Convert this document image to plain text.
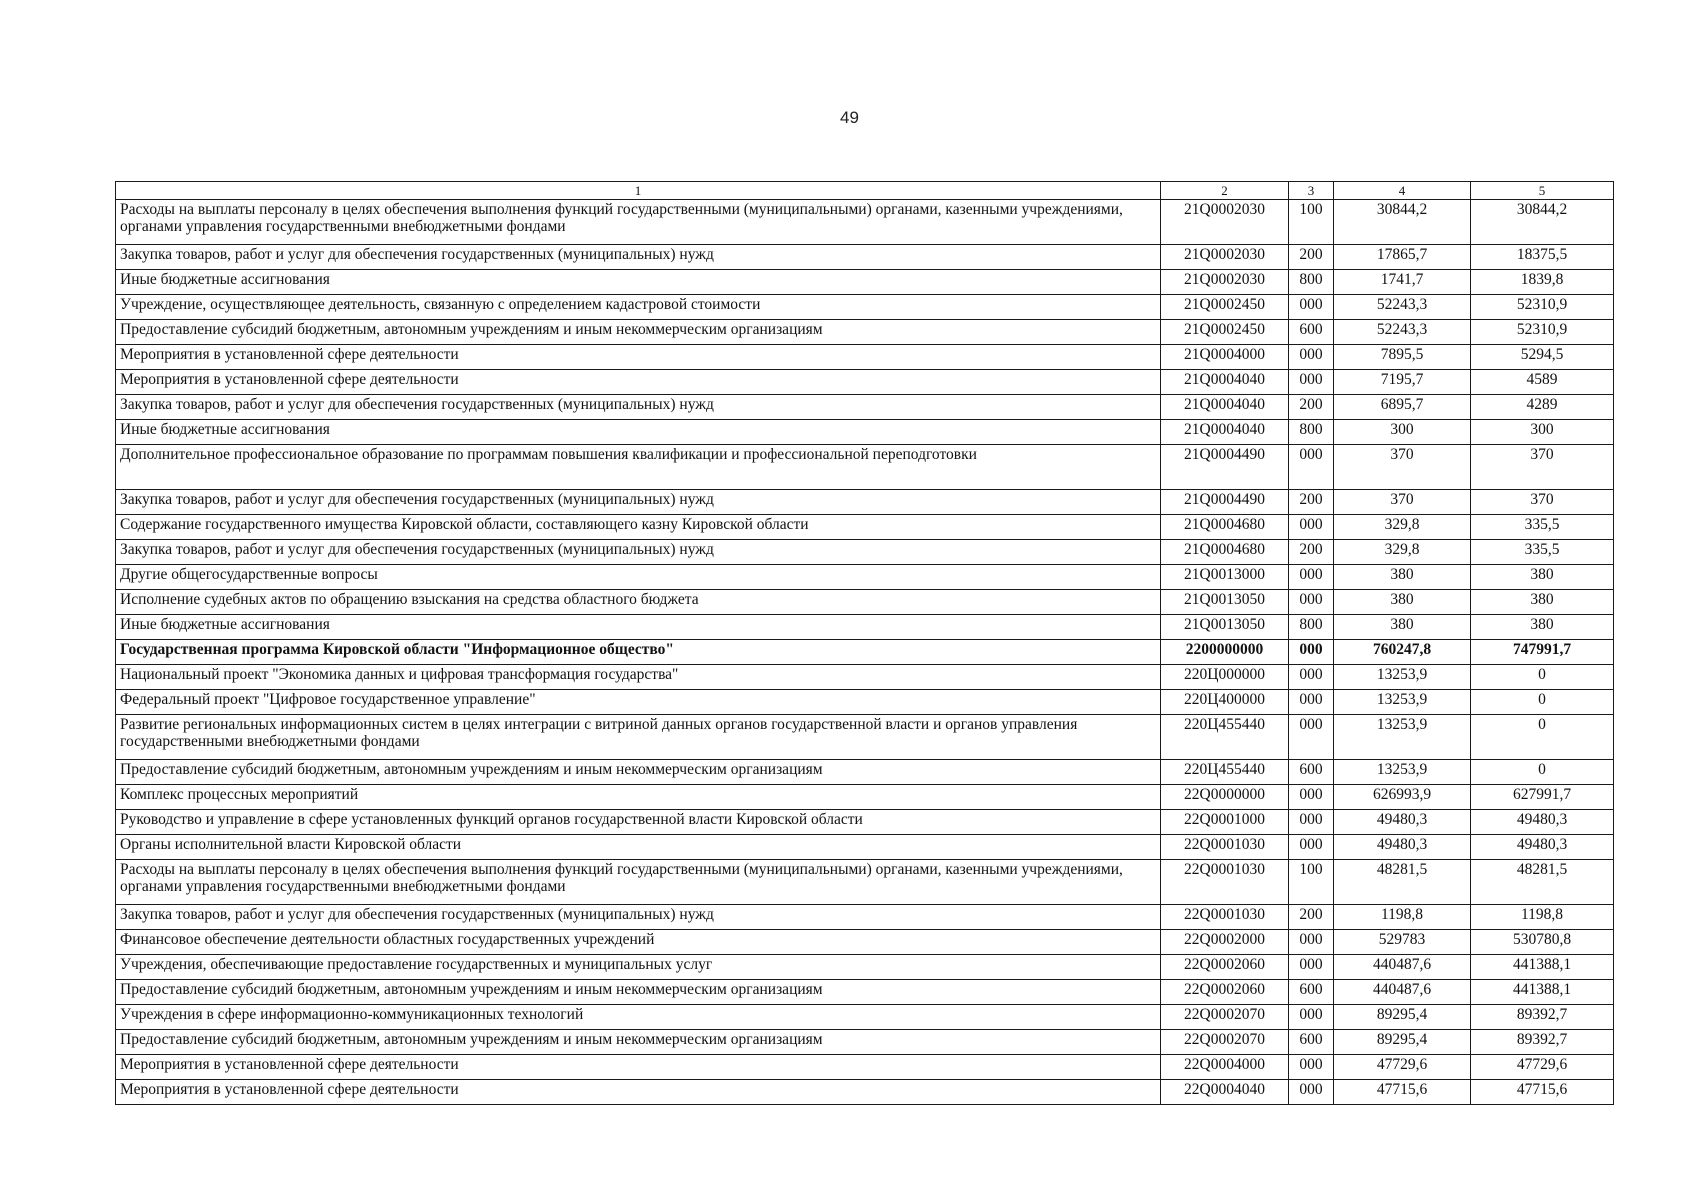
49
1	2	3	4	5
Расходы на выплаты персоналу в целях обеспечения выполнения функций государственными (муниципальными) органами, казенными учреждениями, органами управления государственными внебюджетными фондами	21Q0002030	100	30844,2	30844,2
Закупка товаров, работ и услуг для обеспечения государственных (муниципальных) нужд	21Q0002030	200	17865,7	18375,5
Иные бюджетные ассигнования	21Q0002030	800	1741,7	1839,8
Учреждение, осуществляющее деятельность, связанную с определением кадастровой стоимости	21Q0002450	000	52243,3	52310,9
Предоставление субсидий бюджетным, автономным учреждениям и иным некоммерческим организациям	21Q0002450	600	52243,3	52310,9
Мероприятия в установленной сфере деятельности	21Q0004000	000	7895,5	5294,5
Мероприятия в установленной сфере деятельности	21Q0004040	000	7195,7	4589
Закупка товаров, работ и услуг для обеспечения государственных (муниципальных) нужд	21Q0004040	200	6895,7	4289
Иные бюджетные ассигнования	21Q0004040	800	300	300
Дополнительное профессиональное образование по программам повышения квалификации и профессиональной переподготовки	21Q0004490	000	370	370
Закупка товаров, работ и услуг для обеспечения государственных (муниципальных) нужд	21Q0004490	200	370	370
Содержание государственного имущества Кировской области, составляющего казну Кировской области	21Q0004680	000	329,8	335,5
Закупка товаров, работ и услуг для обеспечения государственных (муниципальных) нужд	21Q0004680	200	329,8	335,5
Другие общегосударственные вопросы	21Q0013000	000	380	380
Исполнение судебных актов по обращению взыскания на средства областного бюджета	21Q0013050	000	380	380
Иные бюджетные ассигнования	21Q0013050	800	380	380
Государственная программа Кировской области "Информационное общество"	2200000000	000	760247,8	747991,7
Национальный проект "Экономика данных и цифровая трансформация государства"	220Ц000000	000	13253,9	0
Федеральный проект "Цифровое государственное управление"	220Ц400000	000	13253,9	0
Развитие региональных информационных систем в целях интеграции с витриной данных органов государственной власти и органов управления государственными внебюджетными фондами	220Ц455440	000	13253,9	0
Предоставление субсидий бюджетным, автономным учреждениям и иным некоммерческим организациям	220Ц455440	600	13253,9	0
Комплекс процессных мероприятий	22Q0000000	000	626993,9	627991,7
Руководство и управление в сфере установленных функций органов государственной власти Кировской области	22Q0001000	000	49480,3	49480,3
Органы исполнительной власти Кировской области	22Q0001030	000	49480,3	49480,3
Расходы на выплаты персоналу в целях обеспечения выполнения функций государственными (муниципальными) органами, казенными учреждениями, органами управления государственными внебюджетными фондами	22Q0001030	100	48281,5	48281,5
Закупка товаров, работ и услуг для обеспечения государственных (муниципальных) нужд	22Q0001030	200	1198,8	1198,8
Финансовое обеспечение деятельности областных государственных учреждений	22Q0002000	000	529783	530780,8
Учреждения, обеспечивающие предоставление государственных и муниципальных услуг	22Q0002060	000	440487,6	441388,1
Предоставление субсидий бюджетным, автономным учреждениям и иным некоммерческим организациям	22Q0002060	600	440487,6	441388,1
Учреждения в сфере информационно-коммуникационных технологий	22Q0002070	000	89295,4	89392,7
Предоставление субсидий бюджетным, автономным учреждениям и иным некоммерческим организациям	22Q0002070	600	89295,4	89392,7
Мероприятия в установленной сфере деятельности	22Q0004000	000	47729,6	47729,6
Мероприятия в установленной сфере деятельности	22Q0004040	000	47715,6	47715,6
